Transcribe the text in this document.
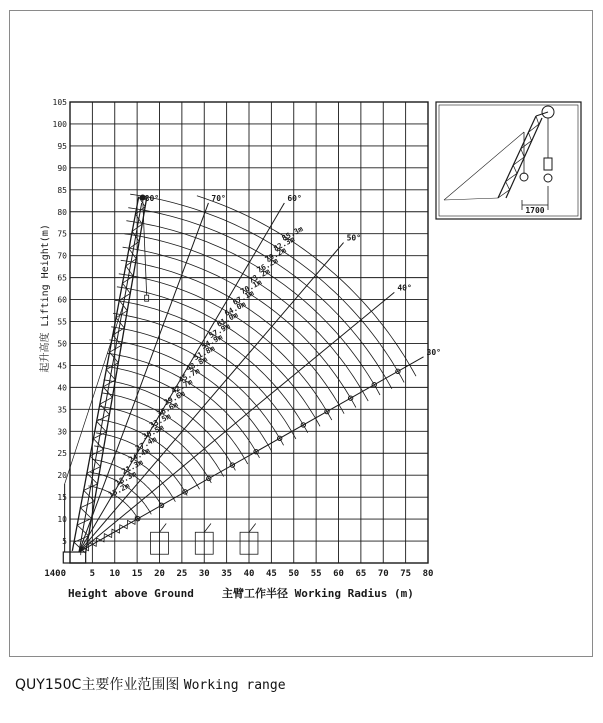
5 10 15 20 25 30 35 40 45 50 55 60 65 70 75 80
5
10
15
20
25
30
35
40
45
50
55
60
65
70
75
80
85
90
95
100
105
80°	70°	60°
50°
40°
30°
15.2m
18.3m
21.3m
24.4m
27.4m
30.5m
33.5m
36.6m
39.6m
42.7m
45.7m
48.8m
51.8m
54.9m
57.9m
61.0m
64.0m
67.1m
70.1m
73.2m
76.2m
79.2m
82.3m
85.3m
1400
起升高度 Lifting Height(m)
Height above Ground	主臂工作半径 Working Radius (m)
1700
QUY150C主要作业范围图 Working range
